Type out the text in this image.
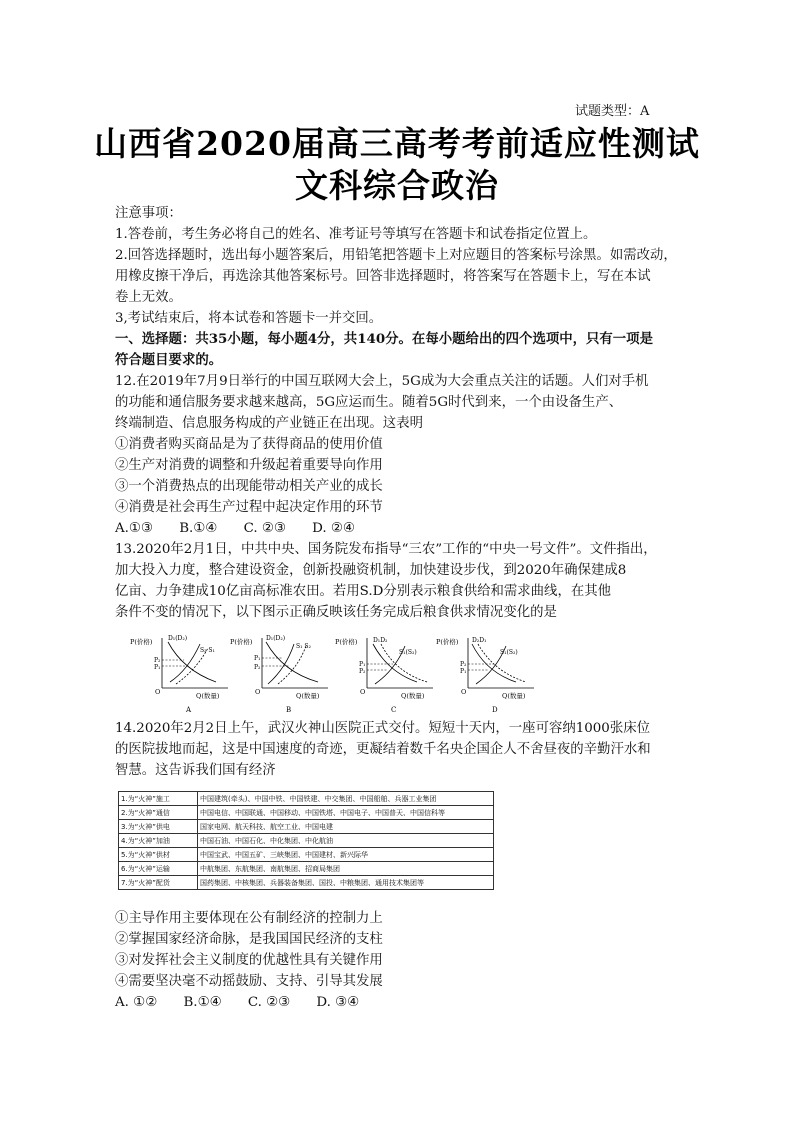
试题类型：A
山西省2020届高三高考考前适应性测试
文科综合政治
注意事项：
1.答卷前，考生务必将自己的姓名、准考证号等填写在答题卡和试卷指定位置上。
2.回答选择题时，选出每小题答案后，用铅笔把答题卡上对应题目的答案标号涂黑。如需改动，
用橡皮擦干净后，再选涂其他答案标号。回答非选择题时，将答案写在答题卡上，写在本试
卷上无效。
3,考试结束后，将本试卷和答题卡一并交回。
一、选择题：共35小题，每小题4分，共140分。在每小题给出的四个选项中，只有一项是
符合题目要求的。
12.在2019年7月9日举行的中国互联网大会上，5G成为大会重点关注的话题。人们对手机
的功能和通信服务要求越来越高，5G应运而生。随着5G时代到来，一个由设备生产、
终端制造、信息服务构成的产业链正在出现。这表明
①消费者购买商品是为了获得商品的使用价值
②生产对消费的调整和升级起着重要导向作用
③一个消费热点的出现能带动相关产业的成长
④消费是社会再生产过程中起决定作用的环节
A.①③ B.①④ C. ②③ D. ②④
13.2020年2月1日，中共中央、国务院发布指导“三农”工作的“中央一号文件”。文件指出，
加大投入力度，整合建设资金，创新投融资机制，加快建设步伐，到2020年确保建成8
亿亩、力争建成10亿亩高标准农田。若用S.D分别表示粮食供给和需求曲线，在其他
条件不变的情况下，以下图示正确反映该任务完成后粮食供求情况变化的是
P(价格)	D₁(D₂)
S₂ S₁
P₂
P₁
O	Q(数量)
A
P(价格) D₁(D₂)
S₁ S₂
P₁
P₂
O	Q(数量)
B
P(价格)	D₁D₂
S₁(S₂)
P₁
P₂
O	Q(数量)
C
P(价格) D₂D₁
S₁(S₂)
P₂
P₁
O	Q(数量)
D
14.2020年2月2日上午，武汉火神山医院正式交付。短短十天内，一座可容纳1000张床位
的医院拔地而起，这是中国速度的奇迹，更凝结着数千名央企国企人不舍昼夜的辛勤汗水和
智慧。这告诉我们国有经济
1.为“火神”施工	中国建筑(牵头)、中国中铁、中国铁建、中交集团、中国船舶、兵器工业集团
2.为“火神”通信	中国电信、中国联通、中国移动、中国铁塔、中国电子、中国普天、中国信科等
3.为“火神”供电	国家电网、航天科技、航空工业、中国电建
4.为“火神”加油	中国石油、中国石化、中化集团、中化航油
5.为“火神”供材	中国宝武、中国五矿、三峡集团、中国建材、新兴际华
6.为“火神”运输	中航集团、东航集团、南航集团、招商局集团
7.为“火神”配货	国药集团、中核集团、兵器装备集团、国投、中粮集团、通用技术集团等
①主导作用主要体现在公有制经济的控制力上
②掌握国家经济命脉，是我国国民经济的支柱
③对发挥社会主义制度的优越性具有关键作用
④需要坚决毫不动摇鼓励、支持、引导其发展
A. ①② B.①④ C. ②③ D. ③④
